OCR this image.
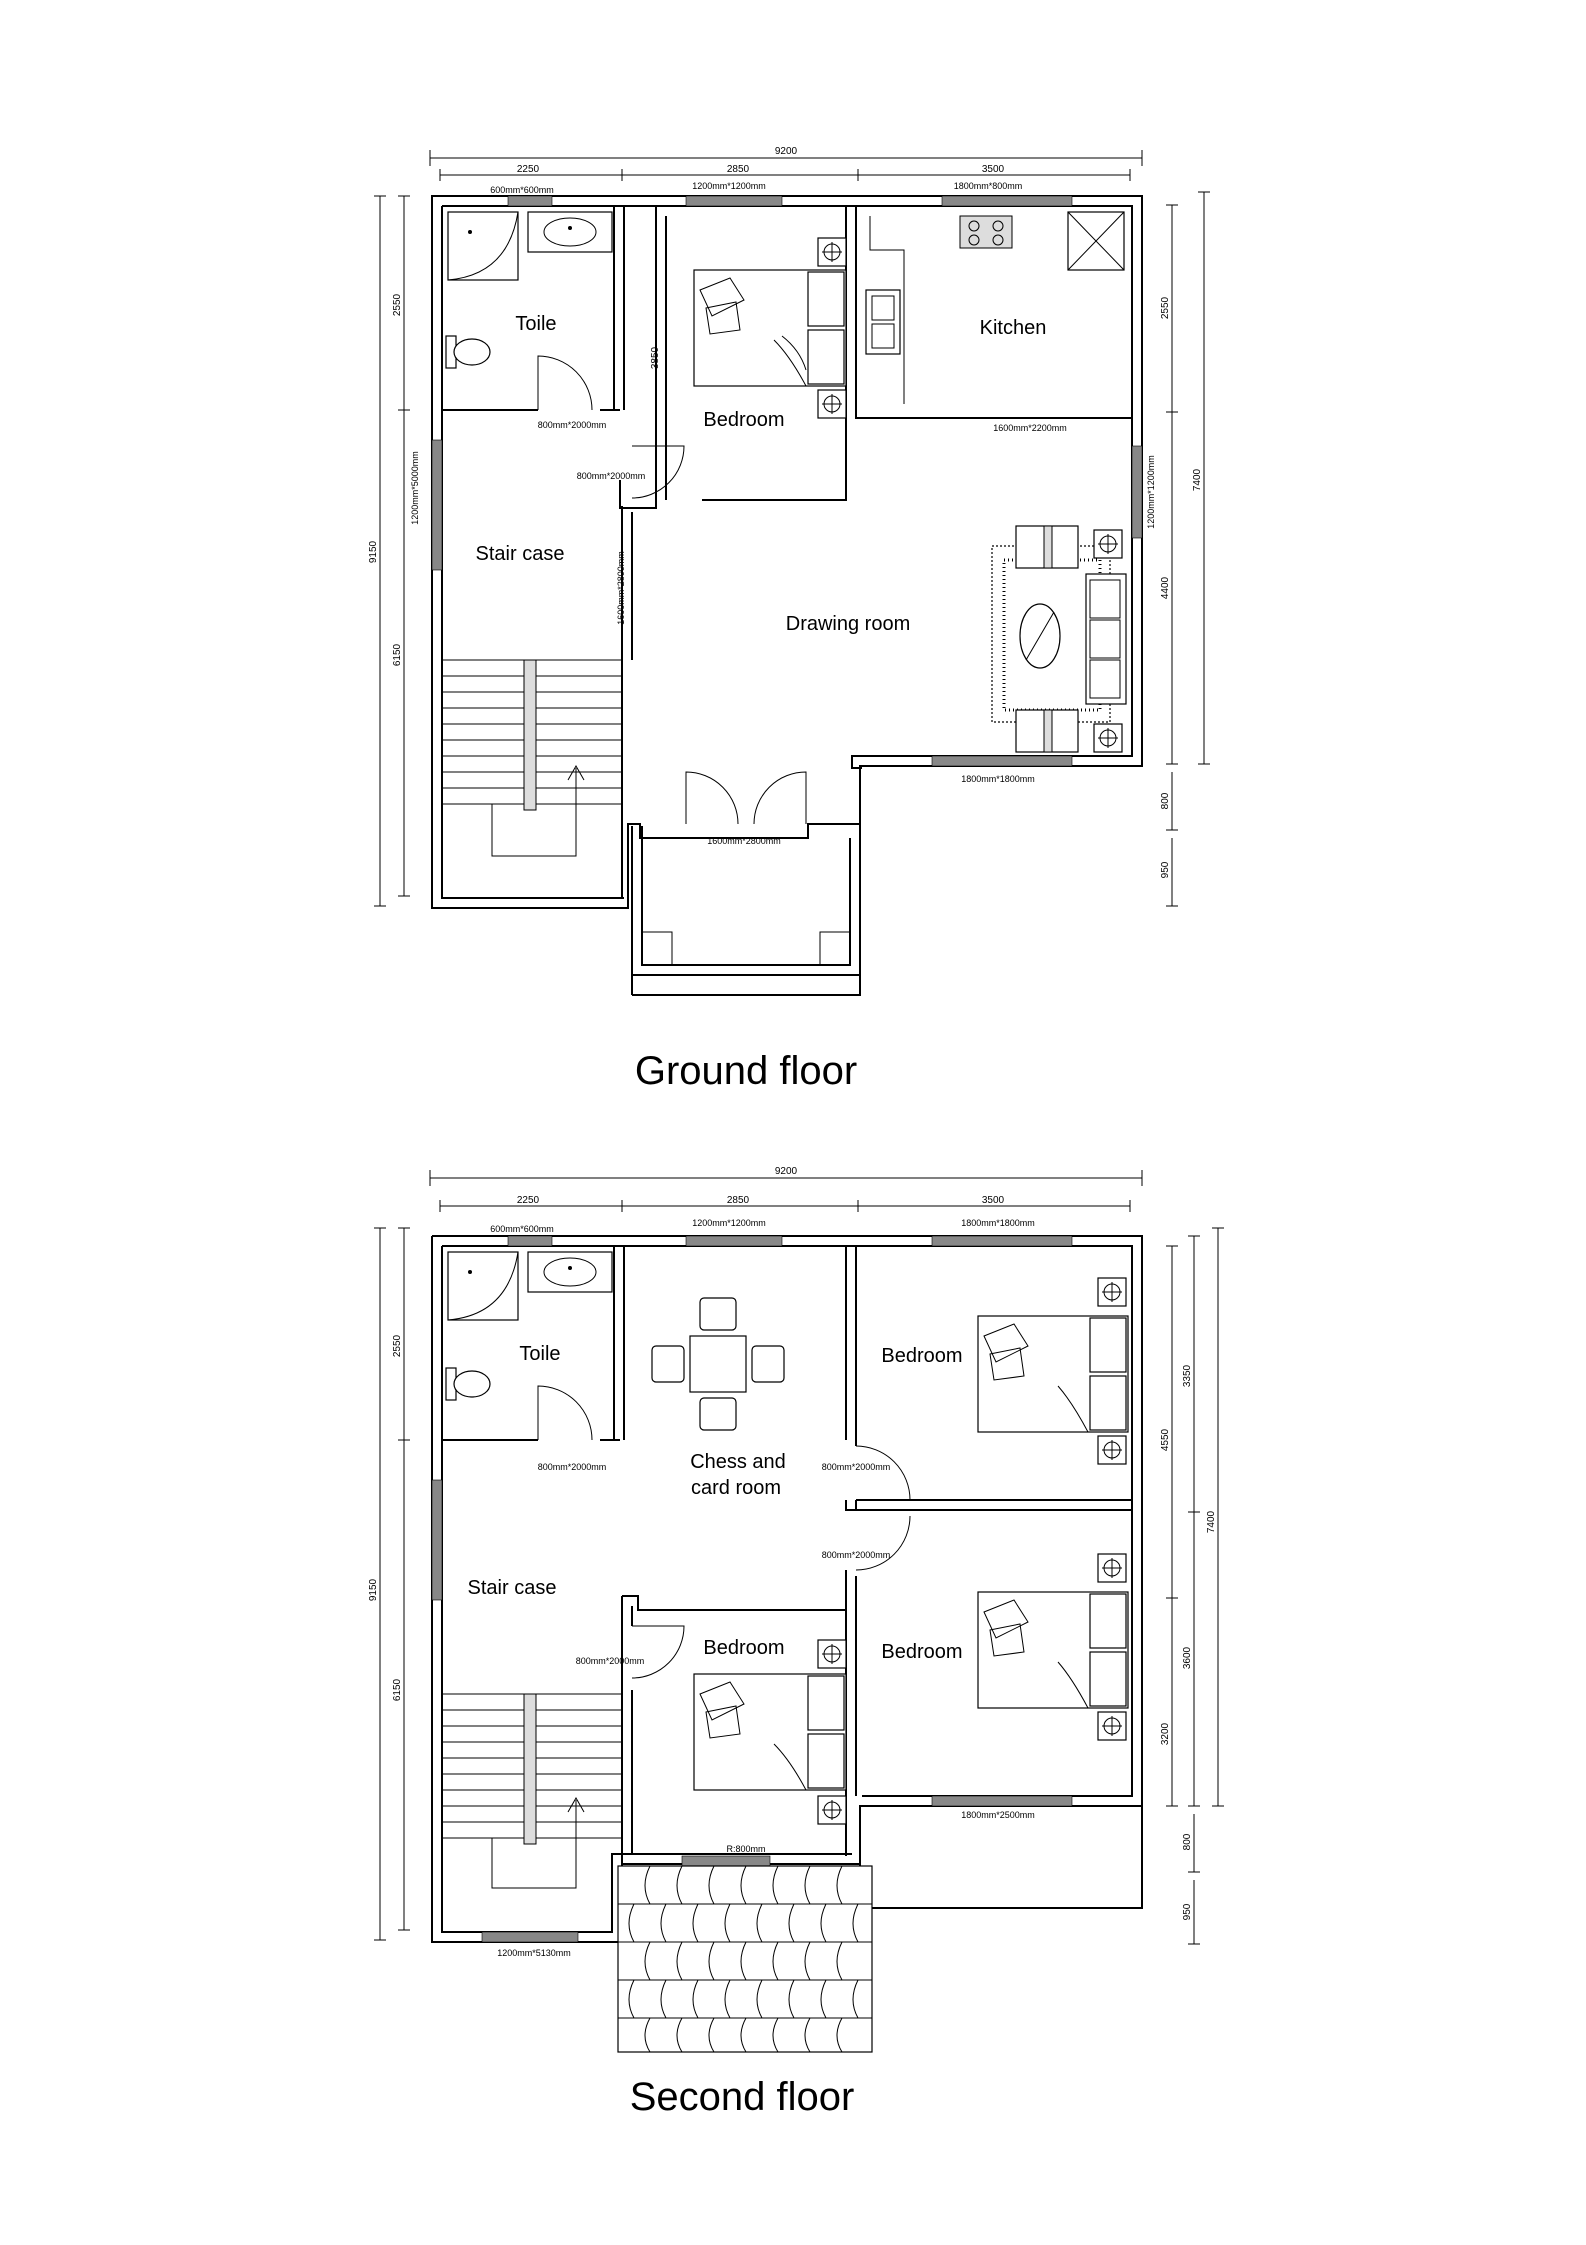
9200
2250	2850	3500
9150
2550
6150
2550
7400
4400
800
950
600mm*600mm	1200mm*1200mm	1800mm*800mm
800mm*2000mm
800mm*2000mm
1600mm*2200mm
1200mm*5000mm	1200mm*1200mm
1600mm*2800mm
1600mm*2800mm
1800mm*1800mm
3850
Toile
Bedroom
Kitchen
Stair case
Drawing room
Ground floor
9200
2250	2850	3500
9150
2550
6150
4550
3350
7400
3600
3200
800
950
600mm*600mm
1200mm*1200mm	1800mm*1800mm
800mm*2000mm	800mm*2000mm
800mm*2000mm
800mm*2000mm
1800mm*2500mm
R:800mm
1200mm*5130mm
Toile
Chess and
card room
Bedroom
Bedroom
Stair case
Bedroom
Second floor
